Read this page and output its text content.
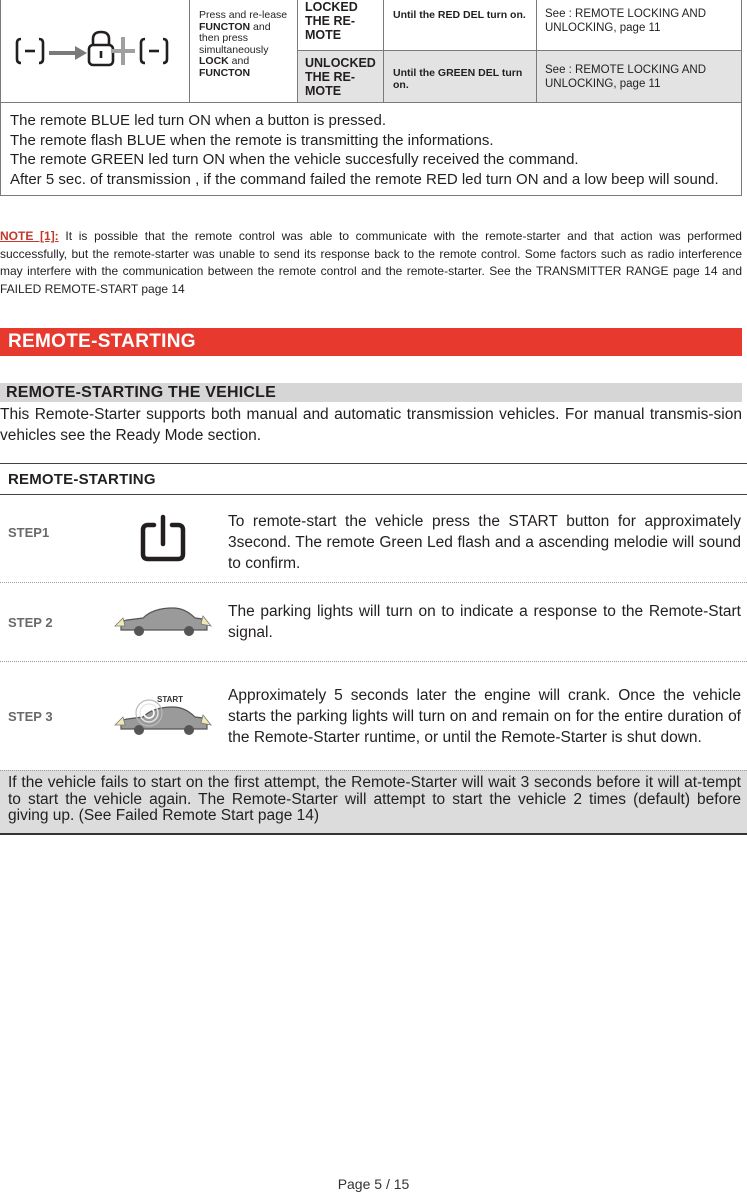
Press and re-lease FUNCTON and then press simultaneously LOCK and FUNCTON
LOCKED THE RE-MOTE
Until the RED DEL turn on.	See : REMOTE LOCKING AND UNLOCKING, page 11
UNLOCKED THE RE-MOTE
Until the GREEN DEL turn on.
See : REMOTE LOCKING AND UNLOCKING, page 11

The remote BLUE led turn ON when a button is pressed.

The remote flash BLUE when the remote is transmitting the informations.

The remote GREEN led turn ON when the vehicle succesfully received the command.

After 5 sec. of transmission , if the command failed the remote RED led turn ON and a low beep will sound.

NOTE [1]: It is possible that the remote control was able to communicate with the remote-starter and that action was performed successfully, but the remote-starter was unable to send its response back to the remote control. Some factors such as radio interference may interfere with the communication between the remote control and the remote-starter. See the TRANSMITTER RANGE page 14 and FAILED REMOTE-START page 14
REMOTE-STARTING
REMOTE-STARTING THE VEHICLE
This Remote-Starter supports both manual and automatic transmission vehicles. For manual transmis-sion vehicles see the Ready Mode section.
REMOTE-STARTING
STEP1
To remote-start the vehicle press the START button for approximately 3second. The remote Green Led flash and a ascending melodie will sound to confirm.
STEP 2
The parking lights will turn on to indicate a response to the Remote-Start signal.
STEP 3
START	Approximately 5 seconds later the engine will crank. Once the vehicle starts the parking lights will turn on and remain on for the entire duration of the Remote-Starter runtime, or until the Remote-Starter is shut down.
If the vehicle fails to start on the first attempt, the Remote-Starter will wait 3 seconds before it will at-tempt to start the vehicle again. The Remote-Starter will attempt to start the vehicle 2 times (default) before giving up. (See Failed Remote Start page 14)
Page 5 / 15
